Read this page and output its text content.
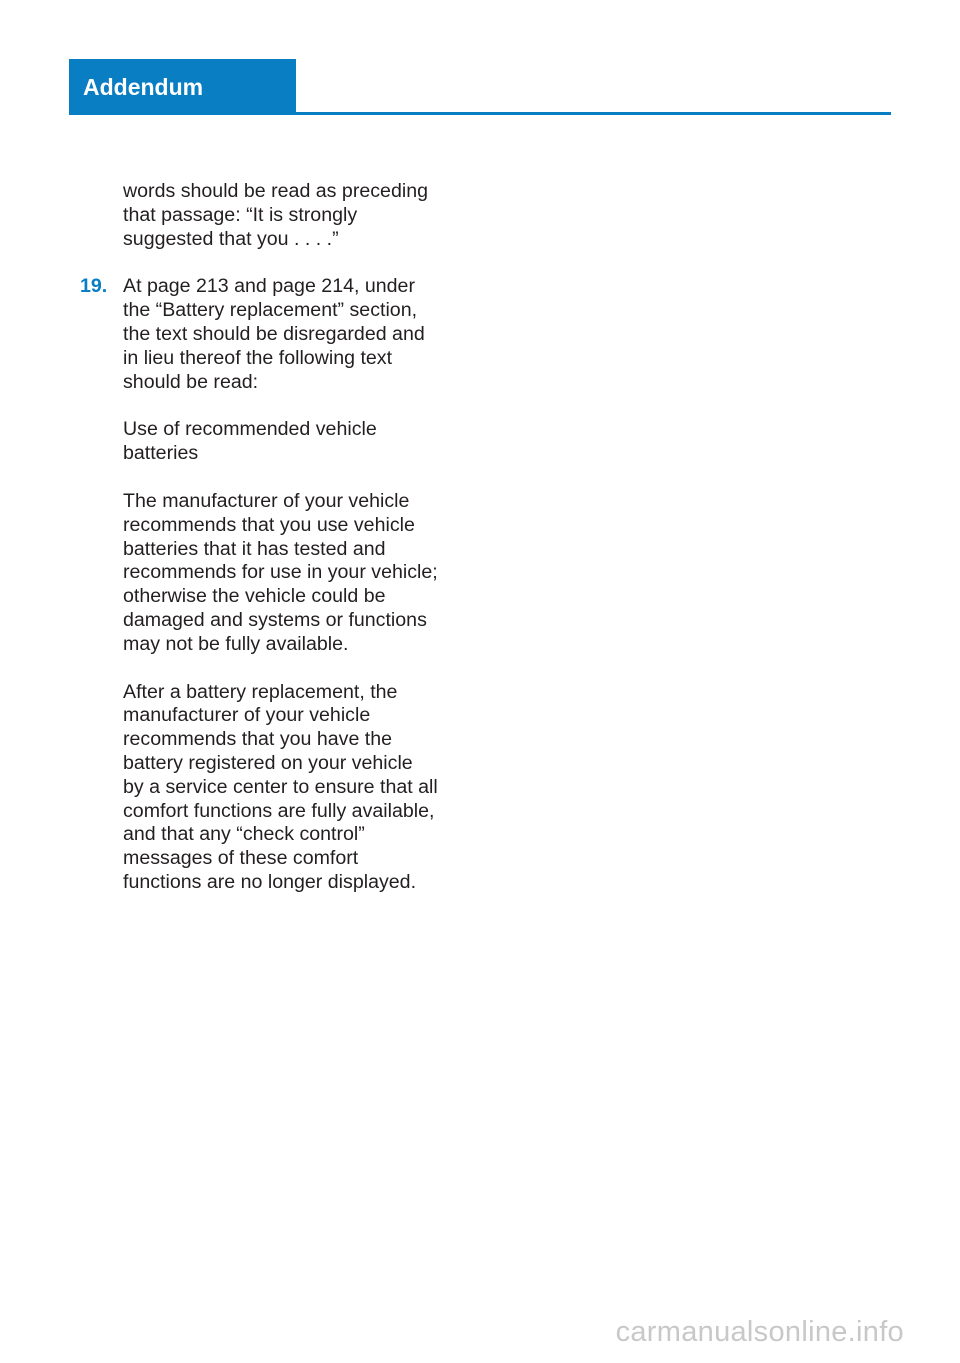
Addendum

words should be read as preceding
that passage: “It is strongly
suggested that you . . . .”

19. At page 213 and page 214, under
the “Battery replacement” section,
the text should be disregarded and
in lieu thereof the following text
should be read:

Use of recommended vehicle
batteries

The manufacturer of your vehicle
recommends that you use vehicle
batteries that it has tested and
recommends for use in your vehicle;
otherwise the vehicle could be
damaged and systems or functions
may not be fully available.

After a battery replacement, the
manufacturer of your vehicle
recommends that you have the
battery registered on your vehicle
by a service center to ensure that all
comfort functions are fully available,
and that any “check control”
messages of these comfort
functions are no longer displayed.

carmanualsonline.info
